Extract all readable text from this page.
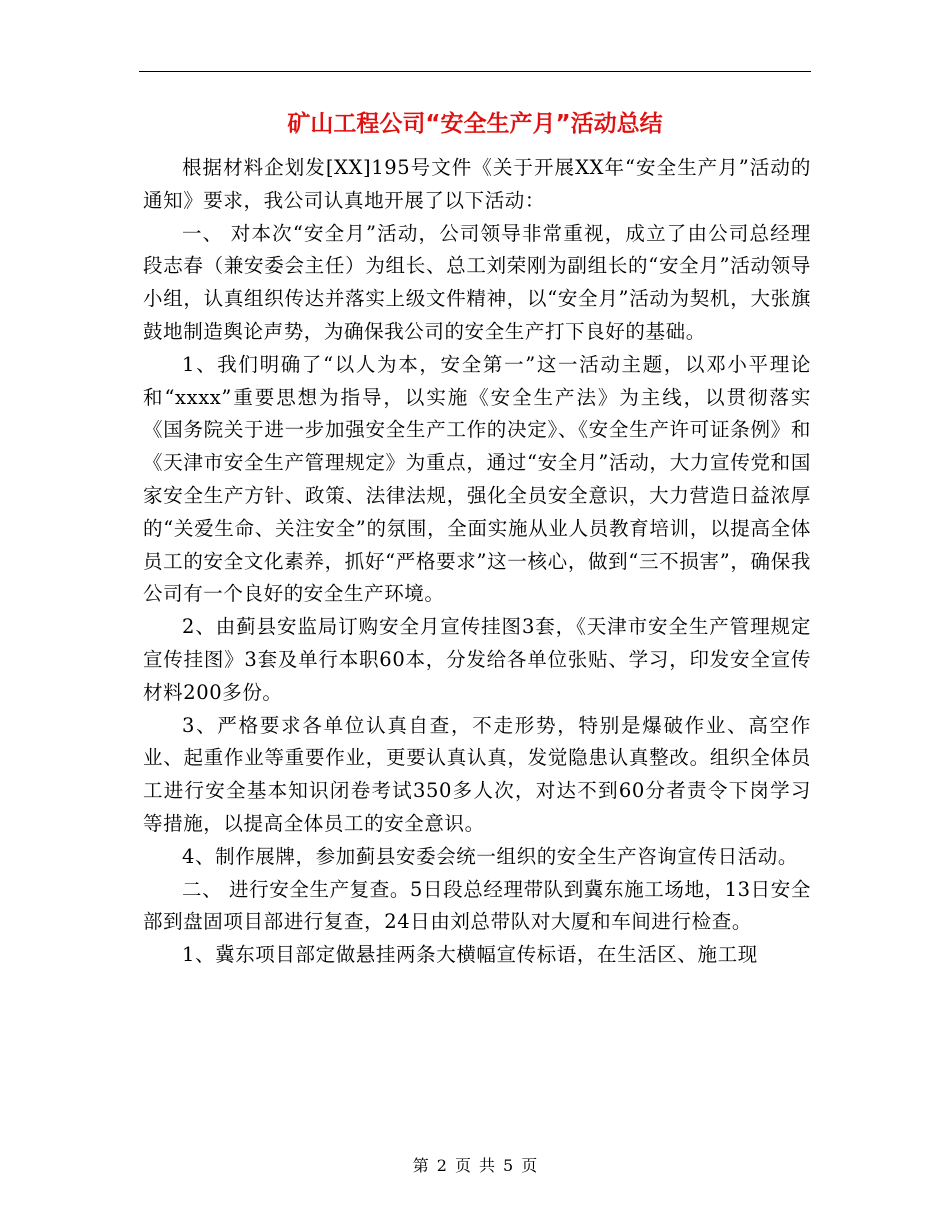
矿山工程公司“安全生产月”活动总结

根据材料企划发[XX]195号文件《关于开展XX年“安全生产月”活动的通知》要求，我公司认真地开展了以下活动：

一、 对本次“安全月”活动，公司领导非常重视，成立了由公司总经理段志春（兼安委会主任）为组长、总工刘荣刚为副组长的“安全月”活动领导小组，认真组织传达并落实上级文件精神，以“安全月”活动为契机，大张旗鼓地制造舆论声势，为确保我公司的安全生产打下良好的基础。

1、我们明确了“以人为本，安全第一”这一活动主题，以邓小平理论和“xxxx”重要思想为指导，以实施《安全生产法》为主线，以贯彻落实《国务院关于进一步加强安全生产工作的决定》、《安全生产许可证条例》和《天津市安全生产管理规定》为重点，通过“安全月”活动，大力宣传党和国家安全生产方针、政策、法律法规，强化全员安全意识，大力营造日益浓厚的“关爱生命、关注安全”的氛围，全面实施从业人员教育培训，以提高全体员工的安全文化素养，抓好“严格要求”这一核心，做到“三不损害”，确保我公司有一个良好的安全生产环境。

2、由蓟县安监局订购安全月宣传挂图3套，《天津市安全生产管理规定宣传挂图》3套及单行本职60本，分发给各单位张贴、学习，印发安全宣传材料200多份。

3、严格要求各单位认真自查，不走形势，特别是爆破作业、高空作业、起重作业等重要作业，更要认真认真，发觉隐患认真整改。组织全体员工进行安全基本知识闭卷考试350多人次，对达不到60分者责令下岗学习等措施，以提高全体员工的安全意识。

4、制作展牌，参加蓟县安委会统一组织的安全生产咨询宣传日活动。

二、 进行安全生产复查。5日段总经理带队到冀东施工场地，13日安全部到盘固项目部进行复查，24日由刘总带队对大厦和车间进行检查。

1、冀东项目部定做悬挂两条大横幅宣传标语，在生活区、施工现

第 2 页 共 5 页
